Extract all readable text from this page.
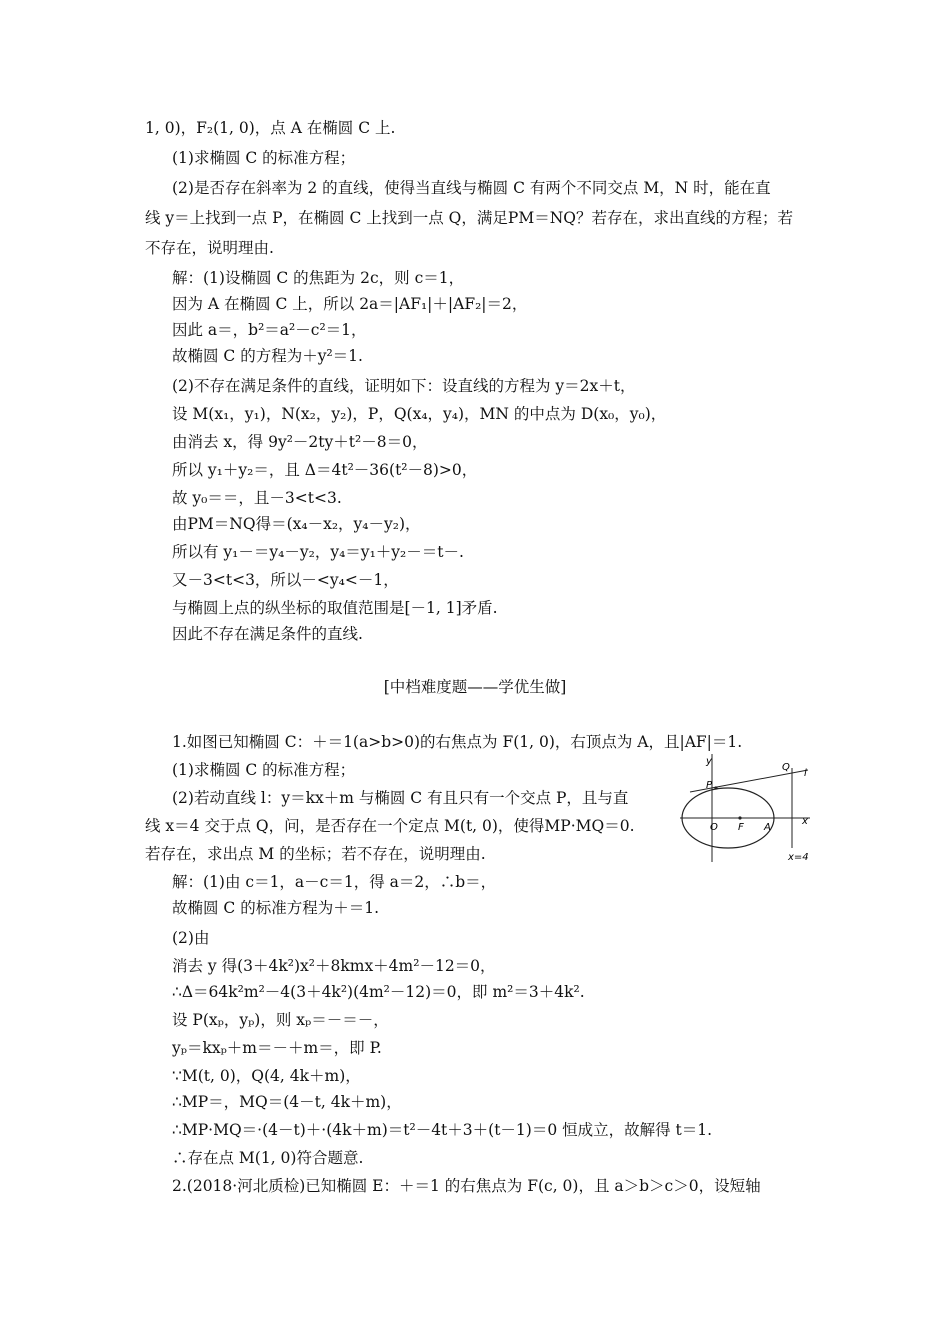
1, 0)，F₂(1, 0)，点 A 在椭圆 C 上.
(1)求椭圆 C 的标准方程；
(2)是否存在斜率为 2 的直线，使得当直线与椭圆 C 有两个不同交点 M，N 时，能在直
线 y＝上找到一点 P，在椭圆 C 上找到一点 Q，满足PM＝NQ？若存在，求出直线的方程；若
不存在，说明理由.
解：(1)设椭圆 C 的焦距为 2c，则 c＝1，
因为 A 在椭圆 C 上，所以 2a＝|AF₁|＋|AF₂|＝2，
因此 a＝，b²＝a²－c²＝1，
故椭圆 C 的方程为＋y²＝1.
(2)不存在满足条件的直线，证明如下：设直线的方程为 y＝2x＋t，
设 M(x₁，y₁)，N(x₂，y₂)，P，Q(x₄，y₄)，MN 的中点为 D(x₀，y₀)，
由消去 x，得 9y²－2ty＋t²－8＝0，
所以 y₁＋y₂＝，且 Δ＝4t²－36(t²－8)>0，
故 y₀＝＝，且－3<t<3.
由PM＝NQ得＝(x₄－x₂，y₄－y₂)，
所以有 y₁－＝y₄－y₂，y₄＝y₁＋y₂－＝t－.
又－3<t<3，所以－<y₄<－1，
与椭圆上点的纵坐标的取值范围是[－1, 1]矛盾.
因此不存在满足条件的直线.
[中档难度题——学优生做]
1.如图已知椭圆 C：＋＝1(a>b>0)的右焦点为 F(1, 0)，右顶点为 A，且|AF|＝1.
(1)求椭圆 C 的标准方程；
(2)若动直线 l：y＝kx＋m 与椭圆 C 有且只有一个交点 P，且与直
线 x＝4 交于点 Q，问，是否存在一个定点 M(t, 0)，使得MP·MQ＝0.
若存在，求出点 M 的坐标；若不存在，说明理由.
解：(1)由 c＝1，a－c＝1，得 a＝2，∴b＝，
故椭圆 C 的标准方程为＋＝1.
(2)由
消去 y 得(3＋4k²)x²＋8kmx＋4m²－12＝0，
∴Δ＝64k²m²－4(3＋4k²)(4m²－12)＝0，即 m²＝3＋4k².
设 P(xₚ，yₚ)，则 xₚ＝－＝－，
yₚ＝kxₚ＋m＝－＋m＝，即 P.
∵M(t, 0)，Q(4, 4k＋m)，
∴MP＝，MQ＝(4－t, 4k＋m)，
∴MP·MQ＝·(4－t)＋·(4k＋m)＝t²－4t＋3＋(t－1)＝0 恒成立，故解得 t＝1.
∴存在点 M(1, 0)符合题意.
2.(2018·河北质检)已知椭圆 E：＋＝1 的右焦点为 F(c, 0)，且 a＞b＞c＞0，设短轴
y
P
Q
l
O F A
x
x=4
